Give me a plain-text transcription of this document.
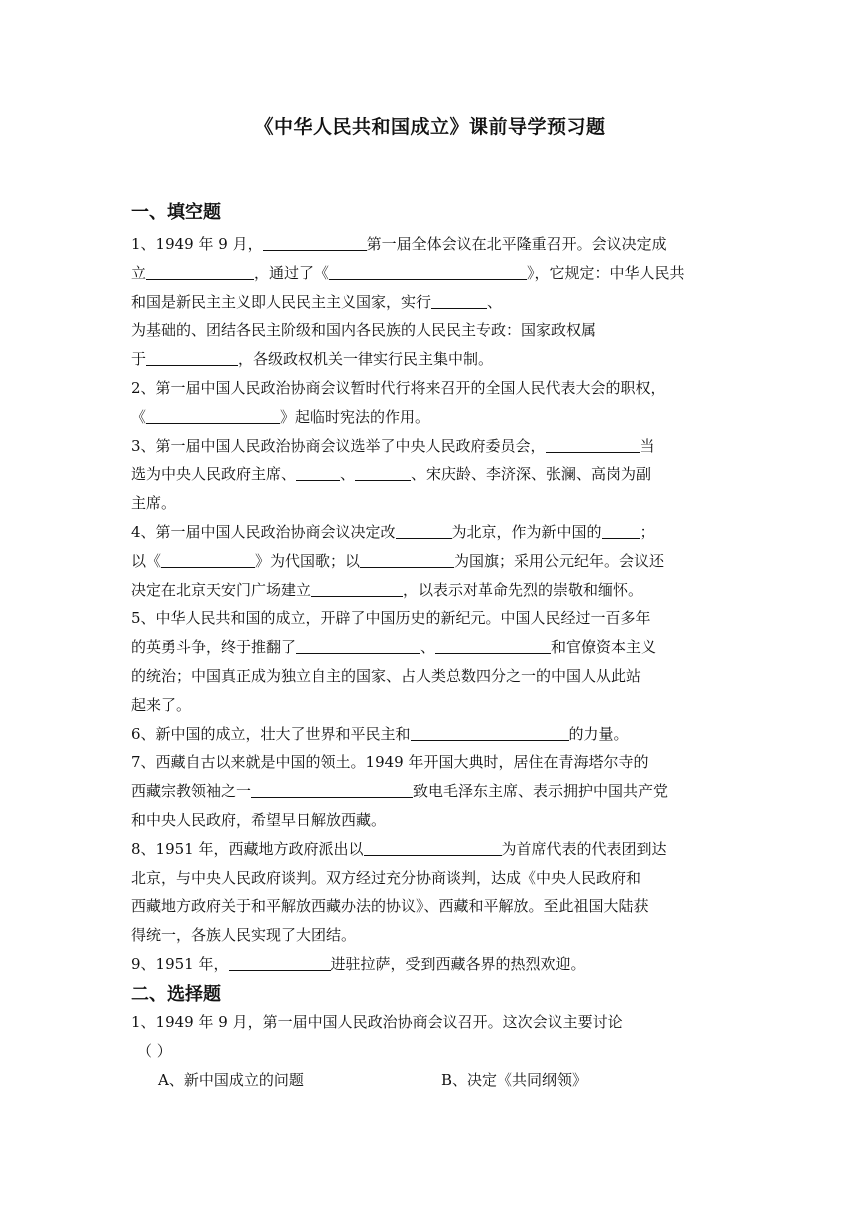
《中华人民共和国成立》课前导学预习题
一、填空题
1、1949 年 9 月，	第一届全体会议在北平隆重召开。会议决定成
立	，通过了《	》，它规定：中华人民共
和国是新民主主义即人民民主主义国家，实行	、
为基础的、团结各民主阶级和国内各民族的人民民主专政：国家政权属
于	，各级政权机关一律实行民主集中制。
2、第一届中国人民政治协商会议暂时代行将来召开的全国人民代表大会的职权，
《	》起临时宪法的作用。
3、第一届中国人民政治协商会议选举了中央人民政府委员会，	当
选为中央人民政府主席、	、	、宋庆龄、李济深、张澜、高岗为副
主席。
4、第一届中国人民政治协商会议决定改	为北京，作为新中国的	；
以《	》为代国歌；以	为国旗；采用公元纪年。会议还
决定在北京天安门广场建立	，以表示对革命先烈的崇敬和缅怀。
5、中华人民共和国的成立，开辟了中国历史的新纪元。中国人民经过一百多年
的英勇斗争，终于推翻了	、	和官僚资本主义
的统治；中国真正成为独立自主的国家、占人类总数四分之一的中国人从此站
起来了。
6、新中国的成立，壮大了世界和平民主和	的力量。
7、西藏自古以来就是中国的领土。1949 年开国大典时，居住在青海塔尔寺的
西藏宗教领袖之一	致电毛泽东主席、表示拥护中国共产党
和中央人民政府，希望早日解放西藏。
8、1951 年，西藏地方政府派出以	为首席代表的代表团到达
北京，与中央人民政府谈判。双方经过充分协商谈判，达成《中央人民政府和
西藏地方政府关于和平解放西藏办法的协议》、西藏和平解放。至此祖国大陆获
得统一，各族人民实现了大团结。
9、1951 年，	进驻拉萨，受到西藏各界的热烈欢迎。
二、选择题
1、1949 年 9 月，第一届中国人民政治协商会议召开。这次会议主要讨论
（ ）
A、新中国成立的问题	B、决定《共同纲领》
